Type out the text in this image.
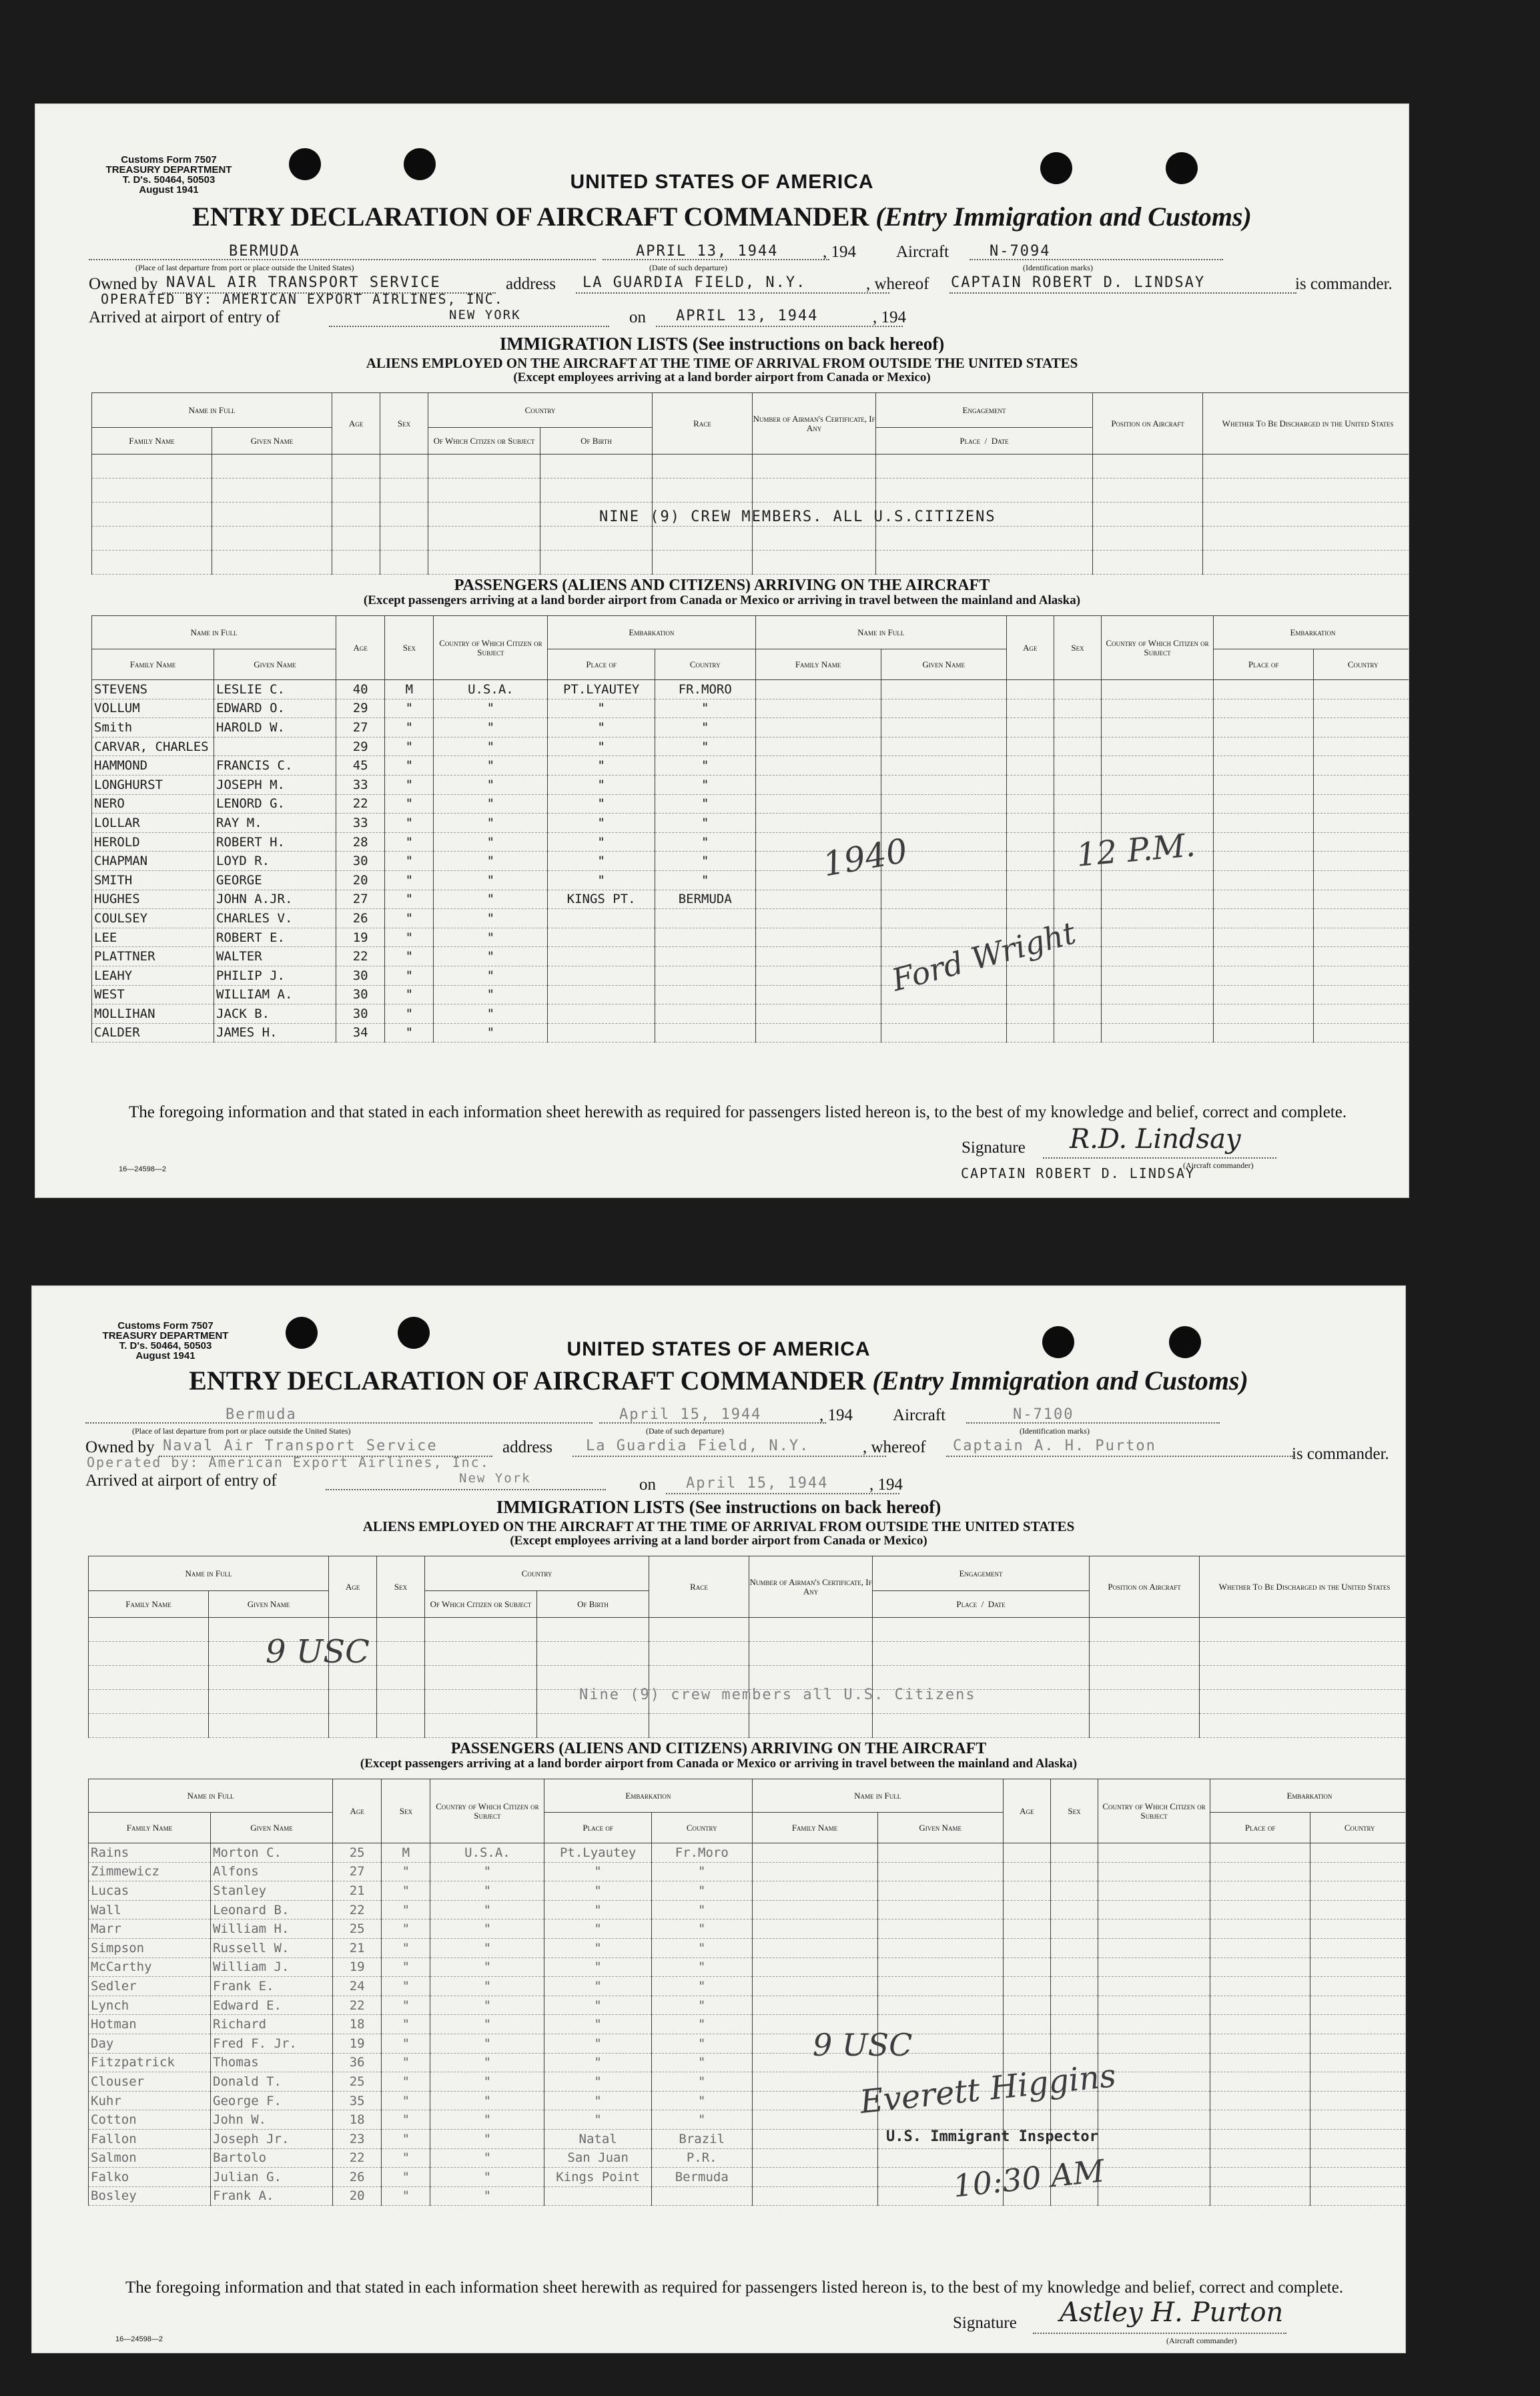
Customs Form 7507
TREASURY DEPARTMENT
T. D's. 50464, 50503
August 1941	UNITED STATES OF AMERICA
ENTRY DECLARATION OF AIRCRAFT COMMANDER (Entry Immigration and Customs)
BERMUDA	APRIL 13, 1944	, 194 Aircraft	N-7094
(Place of last departure from port or place outside the United States)	(Date of such departure)	(Identification marks)
Owned by NAVAL AIR TRANSPORT SERVICE
OPERATED BY: AMERICAN EXPORT AIRLINES, INC.
address LA GUARDIA FIELD, N.Y.	, whereof CAPTAIN ROBERT D. LINDSAY	is commander.
Arrived at airport of entry of	NEW YORK	on APRIL 13, 1944	, 194
IMMIGRATION LISTS (See instructions on back hereof)
ALIENS EMPLOYED ON THE AIRCRAFT AT THE TIME OF ARRIVAL FROM OUTSIDE THE UNITED STATES
(Except employees arriving at a land border airport from Canada or Mexico)
Name in Full		Age	Sex	Country		Race	Number of Airman's Certificate, If Any	Engagement	Position on Aircraft	Whether To Be Discharged in the United States
Family Name	Given Name			Of Which Citizen or Subject	Of Birth			Place  /  Date		

NINE (9) CREW MEMBERS. ALL U.S.CITIZENS
PASSENGERS (ALIENS AND CITIZENS) ARRIVING ON THE AIRCRAFT
(Except passengers arriving at a land border airport from Canada or Mexico or arriving in travel between the mainland and Alaska)
Name in Full		Age	Sex	Country of Which Citizen or Subject	Embarkation		Name in Full		Age	Sex	Country of Which Citizen or Subject	Embarkation	
Family Name	Given Name				Place of	Country	Family Name	Given Name				Place of	Country
STEVENS	LESLIE C.	40	M	U.S.A.	PT.LYAUTEY	FR.MORO							
VOLLUM	EDWARD O.	29	"	"	"	"							
Smith	HAROLD W.	27	"	"	"	"							
CARVAR, CHARLES		29	"	"	"	"							
HAMMOND	FRANCIS C.	45	"	"	"	"							
LONGHURST	JOSEPH M.	33	"	"	"	"							
NERO	LENORD G.	22	"	"	"	"							
LOLLAR	RAY M.	33	"	"	"	"							
HEROLD	ROBERT H.	28	"	"	"	"							
CHAPMAN	LOYD R.	30	"	"	"	"							
SMITH	GEORGE	20	"	"	"	"							
HUGHES	JOHN A.JR.	27	"	"	KINGS PT.	BERMUDA							
COULSEY	CHARLES V.	26	"	"									
LEE	ROBERT E.	19	"	"									
PLATTNER	WALTER	22	"	"									
LEAHY	PHILIP J.	30	"	"									
WEST	WILLIAM A.	30	"	"									
MOLLIHAN	JACK B.	30	"	"									
CALDER	JAMES H.	34	"	"									
1940	12 P.M.
Ford Wright
The foregoing information and that stated in each information sheet herewith as required for passengers listed hereon is, to the best of my knowledge and belief, correct and complete.
Signature R.D. Lindsay
(Aircraft commander)
CAPTAIN ROBERT D. LINDSAY
16—24598—2
Customs Form 7507
TREASURY DEPARTMENT
T. D's. 50464, 50503
August 1941	UNITED STATES OF AMERICA
ENTRY DECLARATION OF AIRCRAFT COMMANDER (Entry Immigration and Customs)
Bermuda	April 15, 1944	, 194 Aircraft	N-7100
(Place of last departure from port or place outside the United States)	(Date of such departure)	(Identification marks)
Owned by Naval Air Transport Service
Operated by: American Export Airlines, Inc.
address La Guardia Field, N.Y.	, whereof Captain A. H. Purton	is commander.
Arrived at airport of entry of	New York	on April 15, 1944 , 194
IMMIGRATION LISTS (See instructions on back hereof)
ALIENS EMPLOYED ON THE AIRCRAFT AT THE TIME OF ARRIVAL FROM OUTSIDE THE UNITED STATES
(Except employees arriving at a land border airport from Canada or Mexico)
Name in Full		Age	Sex	Country		Race	Number of Airman's Certificate, If Any	Engagement	Position on Aircraft	Whether To Be Discharged in the United States
Family Name	Given Name			Of Which Citizen or Subject	Of Birth			Place  /  Date		

Nine (9) crew members all U.S. Citizens
9 USC
PASSENGERS (ALIENS AND CITIZENS) ARRIVING ON THE AIRCRAFT
(Except passengers arriving at a land border airport from Canada or Mexico or arriving in travel between the mainland and Alaska)
Name in Full		Age	Sex	Country of Which Citizen or Subject	Embarkation		Name in Full		Age	Sex	Country of Which Citizen or Subject	Embarkation	
Family Name	Given Name				Place of	Country	Family Name	Given Name				Place of	Country
Rains	Morton C.	25	M	U.S.A.	Pt.Lyautey	Fr.Moro							
Zimmewicz	Alfons	27	"	"	"	"							
Lucas	Stanley	21	"	"	"	"							
Wall	Leonard B.	22	"	"	"	"							
Marr	William H.	25	"	"	"	"							
Simpson	Russell W.	21	"	"	"	"							
McCarthy	William J.	19	"	"	"	"							
Sedler	Frank E.	24	"	"	"	"							
Lynch	Edward E.	22	"	"	"	"							
Hotman	Richard	18	"	"	"	"							
Day	Fred F. Jr.	19	"	"	"	"							
Fitzpatrick	Thomas	36	"	"	"	"							
Clouser	Donald T.	25	"	"	"	"							
Kuhr	George F.	35	"	"	"	"							
Cotton	John W.	18	"	"	"	"							
Fallon	Joseph Jr.	23	"	"	Natal	Brazil							
Salmon	Bartolo	22	"	"	San Juan	P.R.							
Falko	Julian G.	26	"	"	Kings Point	Bermuda							
Bosley	Frank A.	20	"	"									
9 USC
Everett Higgins
U.S. Immigrant Inspector
10:30 AM
The foregoing information and that stated in each information sheet herewith as required for passengers listed hereon is, to the best of my knowledge and belief, correct and complete.
Signature Astley H. Purton
(Aircraft commander)
16—24598—2
